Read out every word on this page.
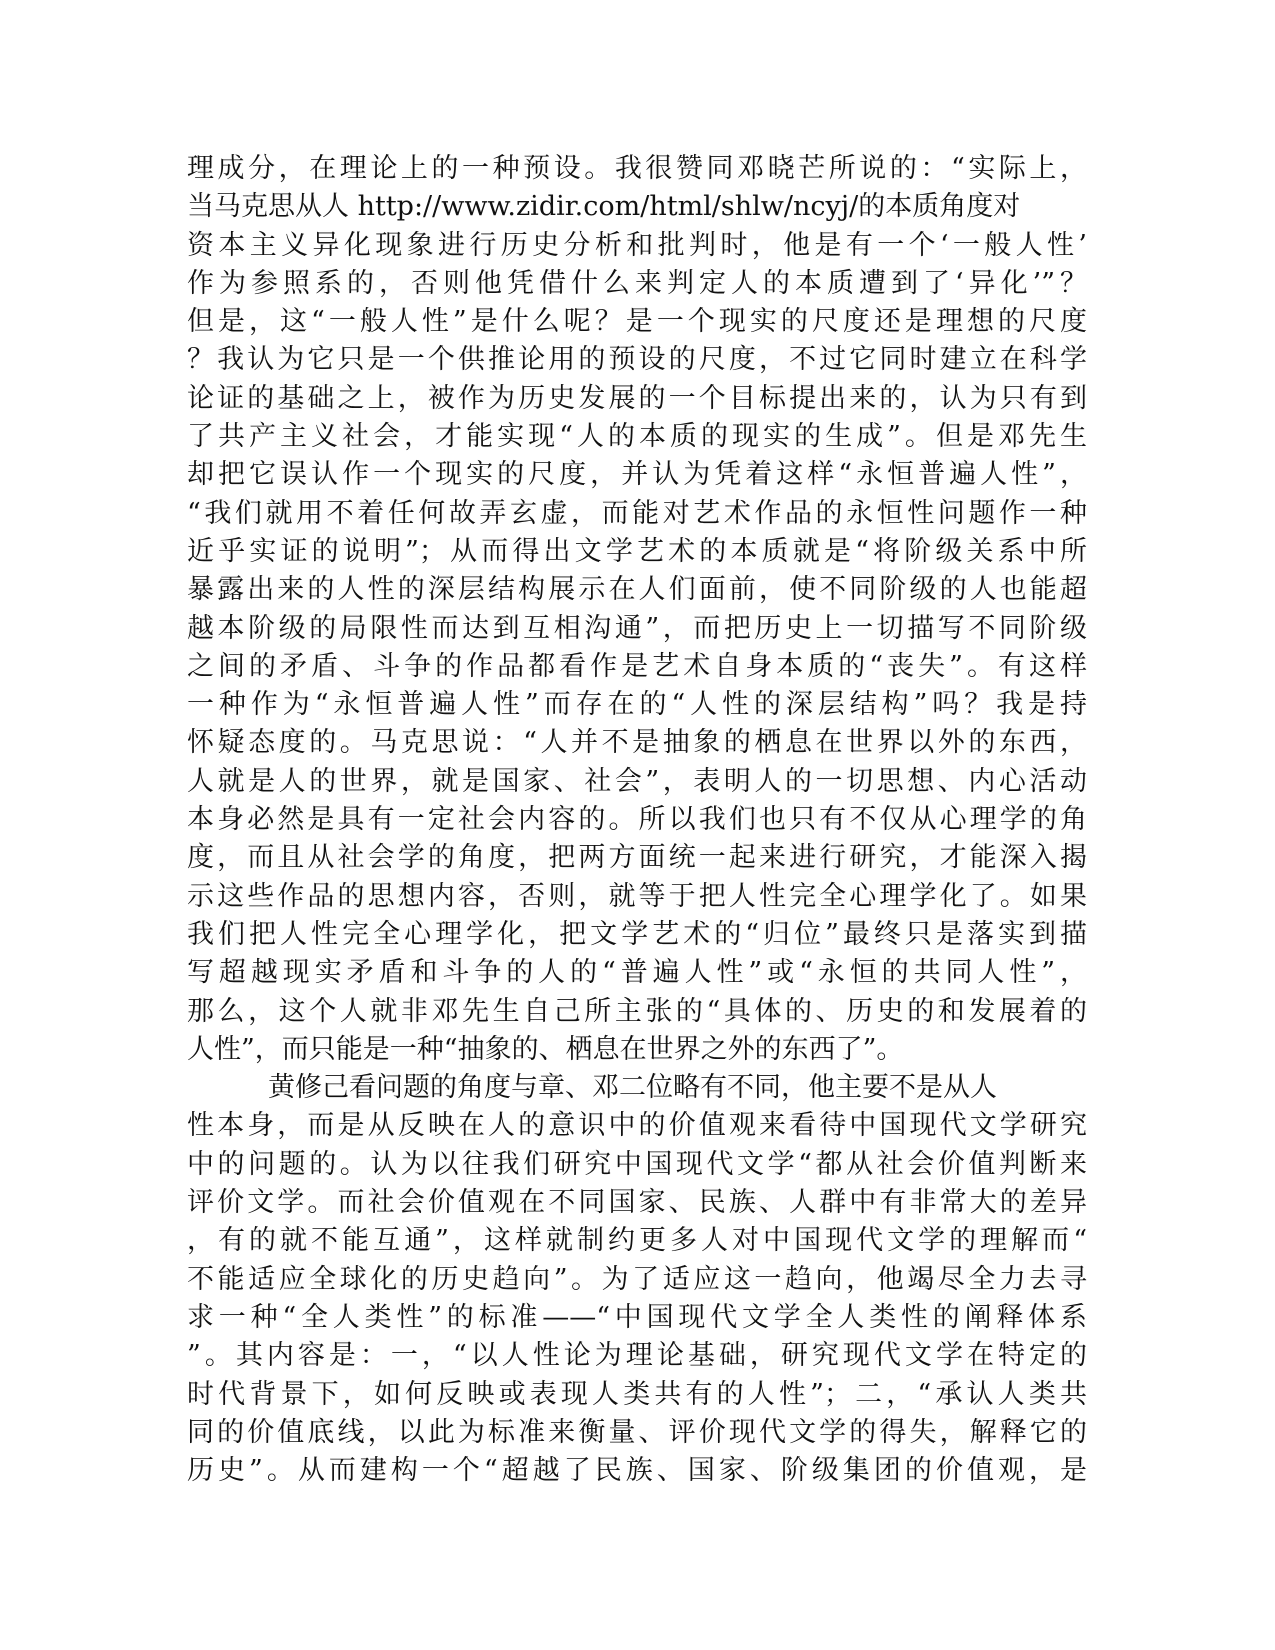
理成分，在理论上的一种预设。我很赞同邓晓芒所说的：“实际上，
当马克思从人 http://www.zidir.com/html/shlw/ncyj/的本质角度对
资本主义异化现象进行历史分析和批判时，他是有一个‘一般人性’
作为参照系的，否则他凭借什么来判定人的本质遭到了‘异化’”？
但是，这“一般人性”是什么呢？是一个现实的尺度还是理想的尺度
？我认为它只是一个供推论用的预设的尺度，不过它同时建立在科学
论证的基础之上，被作为历史发展的一个目标提出来的，认为只有到
了共产主义社会，才能实现“人的本质的现实的生成”。但是邓先生
却把它误认作一个现实的尺度，并认为凭着这样“永恒普遍人性”，
“我们就用不着任何故弄玄虚，而能对艺术作品的永恒性问题作一种
近乎实证的说明”；从而得出文学艺术的本质就是“将阶级关系中所
暴露出来的人性的深层结构展示在人们面前，使不同阶级的人也能超
越本阶级的局限性而达到互相沟通”，而把历史上一切描写不同阶级
之间的矛盾、斗争的作品都看作是艺术自身本质的“丧失”。有这样
一种作为“永恒普遍人性”而存在的“人性的深层结构”吗？我是持
怀疑态度的。马克思说：“人并不是抽象的栖息在世界以外的东西，
人就是人的世界，就是国家、社会”，表明人的一切思想、内心活动
本身必然是具有一定社会内容的。所以我们也只有不仅从心理学的角
度，而且从社会学的角度，把两方面统一起来进行研究，才能深入揭
示这些作品的思想内容，否则，就等于把人性完全心理学化了。如果
我们把人性完全心理学化，把文学艺术的“归位”最终只是落实到描
写超越现实矛盾和斗争的人的“普遍人性”或“永恒的共同人性”，
那么，这个人就非邓先生自己所主张的“具体的、历史的和发展着的
人性”，而只能是一种“抽象的、栖息在世界之外的东西了”。
黄修己看问题的角度与章、邓二位略有不同，他主要不是从人
性本身，而是从反映在人的意识中的价值观来看待中国现代文学研究
中的问题的。认为以往我们研究中国现代文学“都从社会价值判断来
评价文学。而社会价值观在不同国家、民族、人群中有非常大的差异
，有的就不能互通”，这样就制约更多人对中国现代文学的理解而“
不能适应全球化的历史趋向”。为了适应这一趋向，他竭尽全力去寻
求一种“全人类性”的标准——“中国现代文学全人类性的阐释体系
”。其内容是：一，“以人性论为理论基础，研究现代文学在特定的
时代背景下，如何反映或表现人类共有的人性”；二，“承认人类共
同的价值底线，以此为标准来衡量、评价现代文学的得失，解释它的
历史”。从而建构一个“超越了民族、国家、阶级集团的价值观，是
